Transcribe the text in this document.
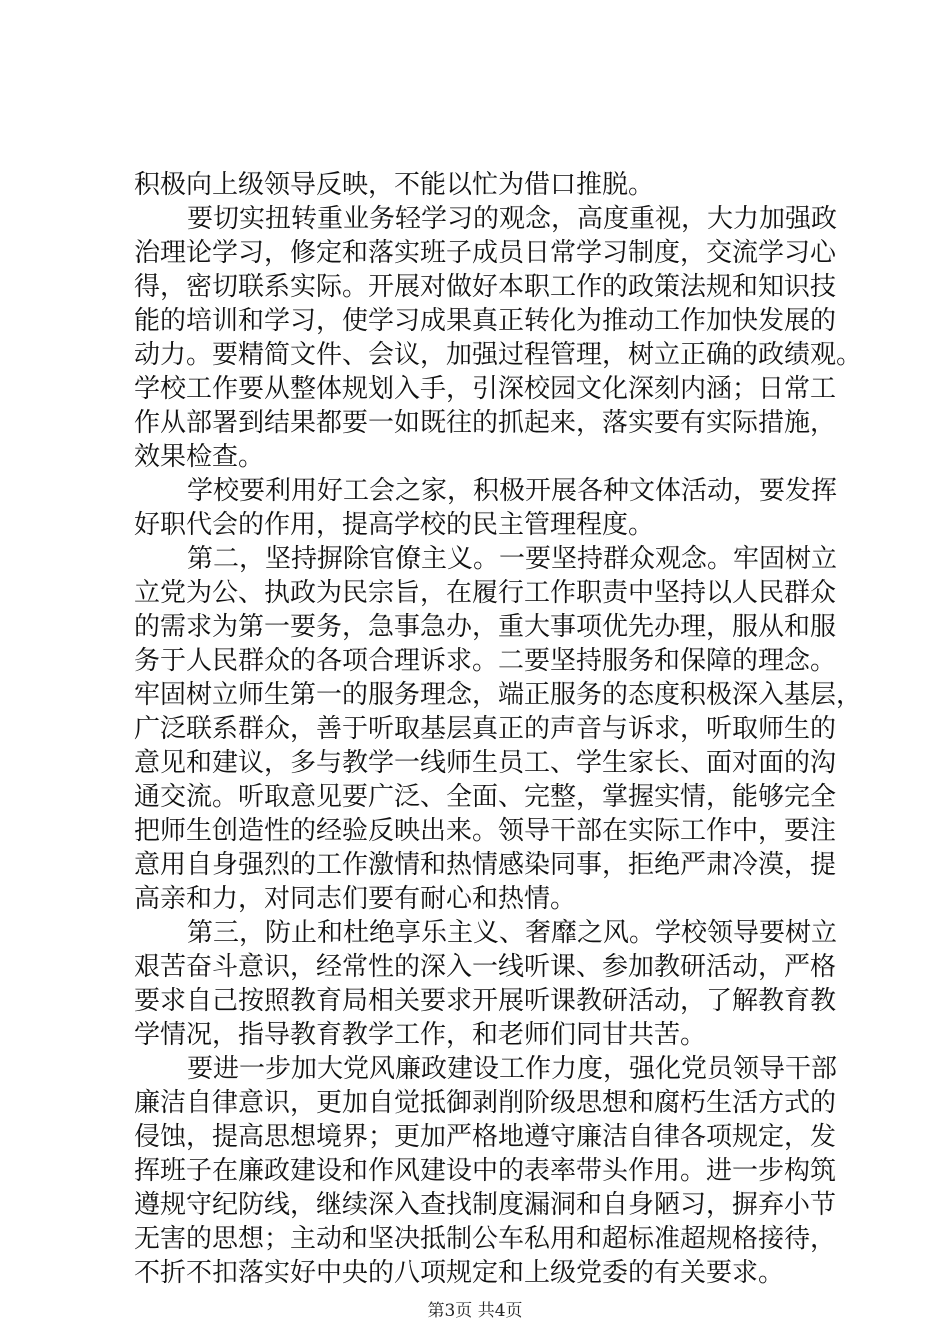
积极向上级领导反映，不能以忙为借口推脱。
要切实扭转重业务轻学习的观念，高度重视，大力加强政
治理论学习，修定和落实班子成员日常学习制度，交流学习心
得，密切联系实际。开展对做好本职工作的政策法规和知识技
能的培训和学习，使学习成果真正转化为推动工作加快发展的
动力。要精简文件、会议，加强过程管理，树立正确的政绩观。
学校工作要从整体规划入手，引深校园文化深刻内涵；日常工
作从部署到结果都要一如既往的抓起来，落实要有实际措施，
效果检查。
学校要利用好工会之家，积极开展各种文体活动，要发挥
好职代会的作用，提高学校的民主管理程度。
第二，坚持摒除官僚主义。一要坚持群众观念。牢固树立
立党为公、执政为民宗旨，在履行工作职责中坚持以人民群众
的需求为第一要务，急事急办，重大事项优先办理，服从和服
务于人民群众的各项合理诉求。二要坚持服务和保障的理念。
牢固树立师生第一的服务理念，端正服务的态度积极深入基层，
广泛联系群众，善于听取基层真正的声音与诉求，听取师生的
意见和建议，多与教学一线师生员工、学生家长、面对面的沟
通交流。听取意见要广泛、全面、完整，掌握实情，能够完全
把师生创造性的经验反映出来。领导干部在实际工作中，要注
意用自身强烈的工作激情和热情感染同事，拒绝严肃冷漠，提
高亲和力，对同志们要有耐心和热情。
第三，防止和杜绝享乐主义、奢靡之风。学校领导要树立
艰苦奋斗意识，经常性的深入一线听课、参加教研活动，严格
要求自己按照教育局相关要求开展听课教研活动，了解教育教
学情况，指导教育教学工作，和老师们同甘共苦。
要进一步加大党风廉政建设工作力度，强化党员领导干部
廉洁自律意识，更加自觉抵御剥削阶级思想和腐朽生活方式的
侵蚀，提高思想境界；更加严格地遵守廉洁自律各项规定，发
挥班子在廉政建设和作风建设中的表率带头作用。进一步构筑
遵规守纪防线，继续深入查找制度漏洞和自身陋习，摒弃小节
无害的思想；主动和坚决抵制公车私用和超标准超规格接待，
不折不扣落实好中央的八项规定和上级党委的有关要求。
第3页 共4页
